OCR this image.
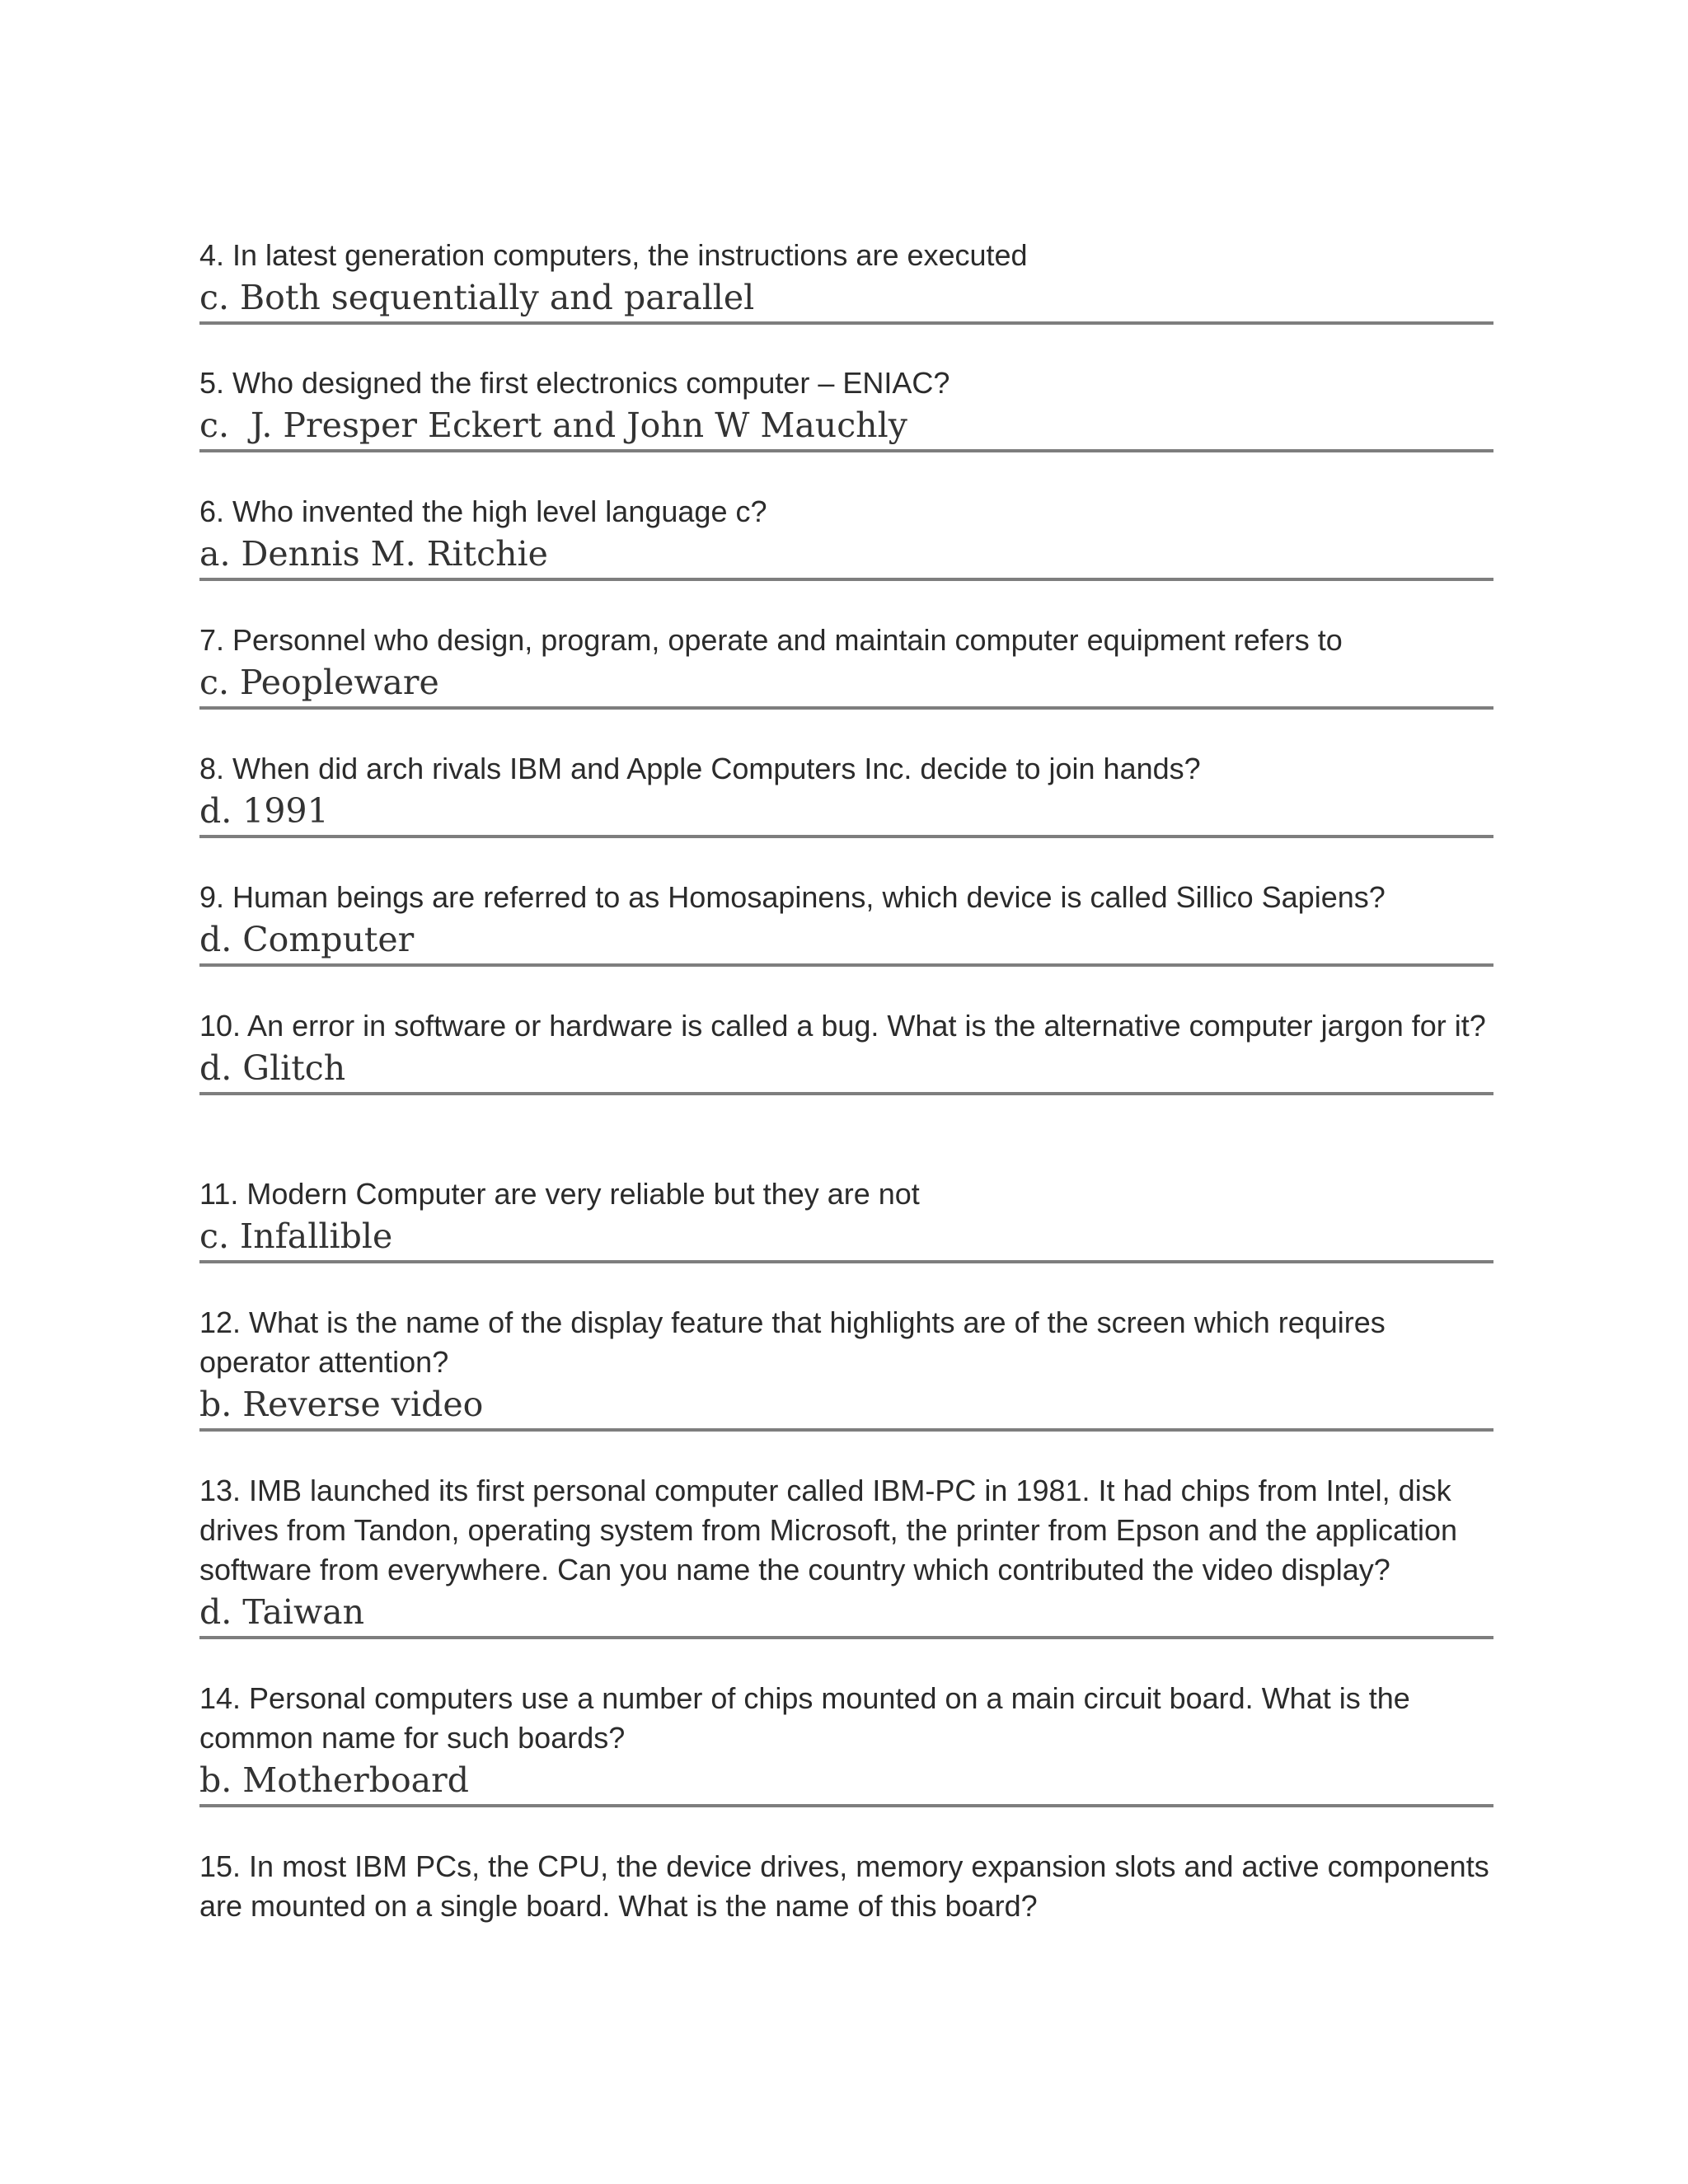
4. In latest generation computers, the instructions are executed

c. Both sequentially and parallel

5. Who designed the first electronics computer – ENIAC?

c.  J. Presper Eckert and John W Mauchly

6. Who invented the high level language c?

a. Dennis M. Ritchie

7. Personnel who design, program, operate and maintain computer equipment refers to

c. Peopleware

8. When did arch rivals IBM and Apple Computers Inc. decide to join hands?

d. 1991

9. Human beings are referred to as Homosapinens, which device is called Sillico Sapiens?

d. Computer

10. An error in software or hardware is called a bug. What is the alternative computer jargon for it?

d. Glitch

11. Modern Computer are very reliable but they are not

c. Infallible

12. What is the name of the display feature that highlights are of the screen which requires operator attention?

b. Reverse video

13. IMB launched its first personal computer called IBM-PC in 1981. It had chips from Intel, disk drives from Tandon, operating system from Microsoft, the printer from Epson and the application software from everywhere. Can you name the country which contributed the video display?

d. Taiwan

14. Personal computers use a number of chips mounted on a main circuit board. What is the common name for such boards?

b. Motherboard

15. In most IBM PCs, the CPU, the device drives, memory expansion slots and active components are mounted on a single board. What is the name of this board?
